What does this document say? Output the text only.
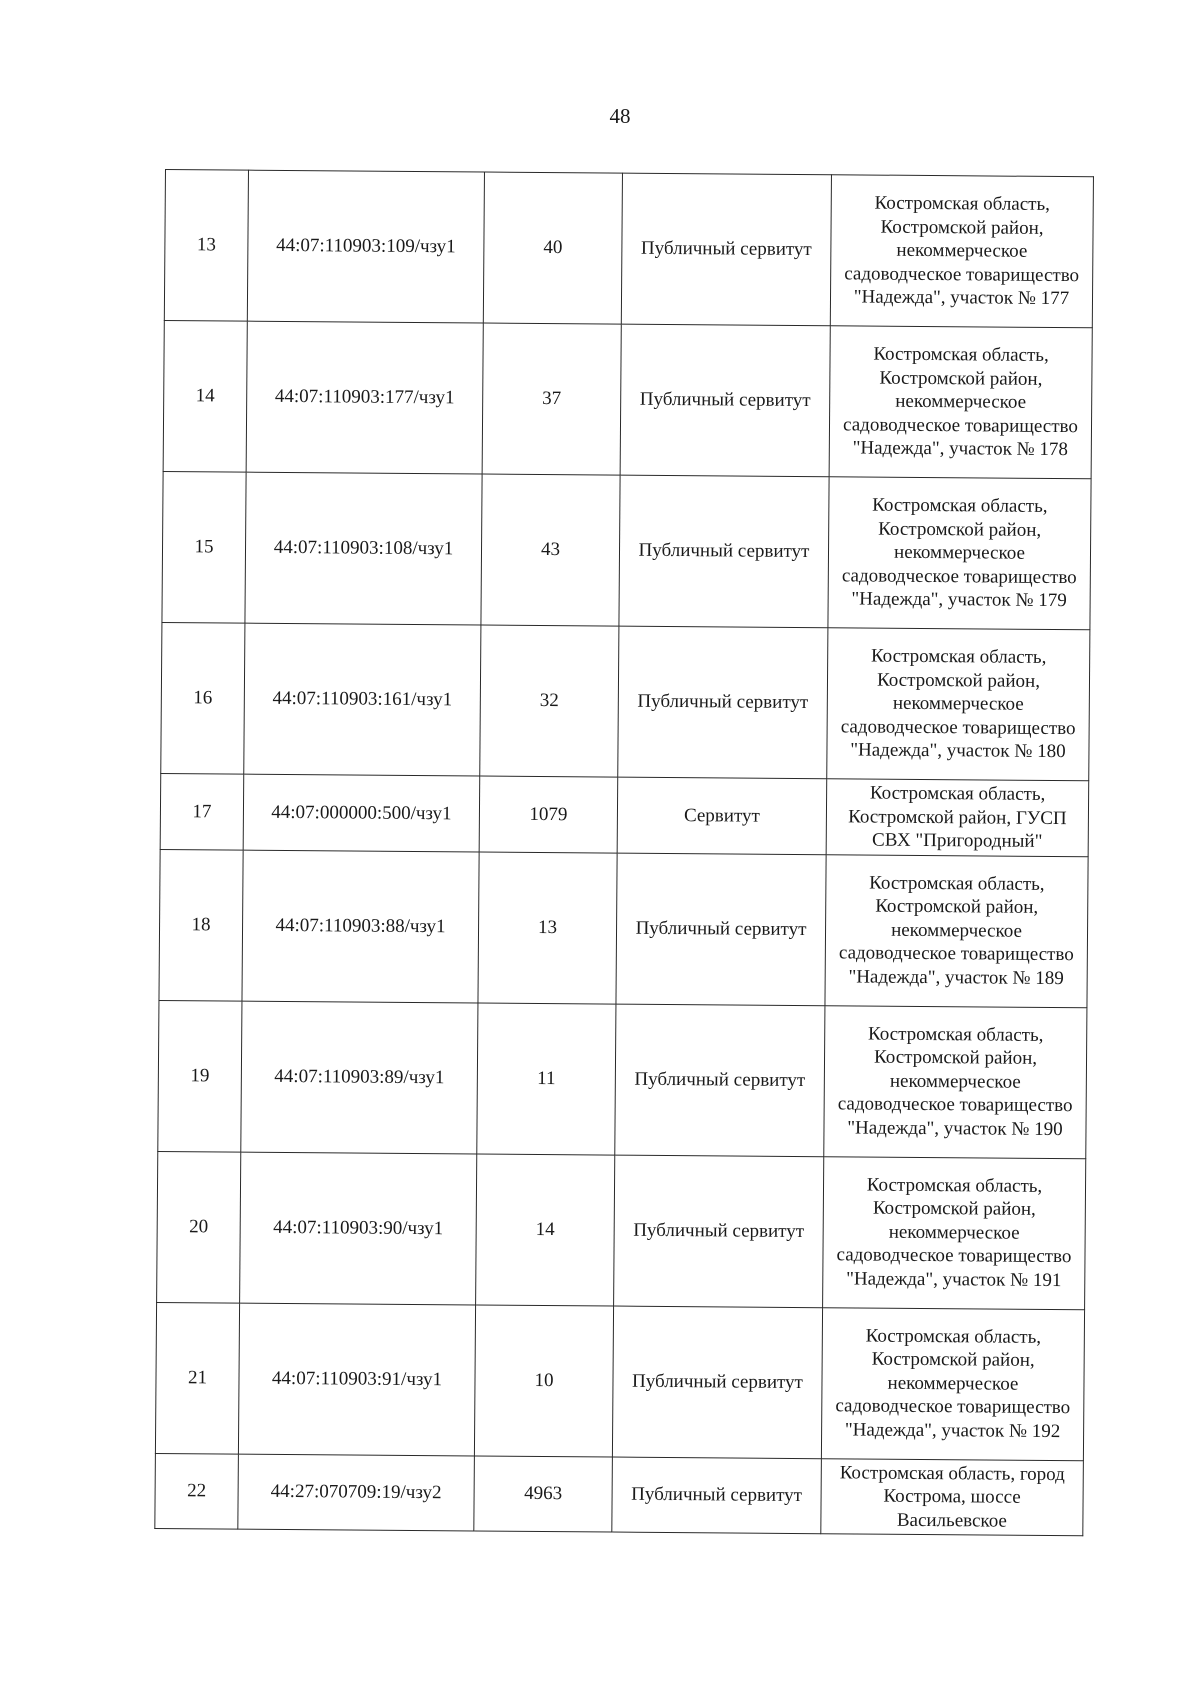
48
13	44:07:110903:109/чзу1	40	Публичный сервитут	Костромская область,
Костромской район,
некоммерческое
садоводческое товарищество
"Надежда", участок № 177

14	44:07:110903:177/чзу1	37	Публичный сервитут	Костромская область,
Костромской район,
некоммерческое
садоводческое товарищество
"Надежда", участок № 178

15	44:07:110903:108/чзу1	43	Публичный сервитут	Костромская область,
Костромской район,
некоммерческое
садоводческое товарищество
"Надежда", участок № 179

16	44:07:110903:161/чзу1	32	Публичный сервитут	Костромская область,
Костромской район,
некоммерческое
садоводческое товарищество
"Надежда", участок № 180

17	44:07:000000:500/чзу1	1079	Сервитут	Костромская область,
Костромской район, ГУСП
СВХ "Пригородный"

18	44:07:110903:88/чзу1	13	Публичный сервитут	Костромская область,
Костромской район,
некоммерческое
садоводческое товарищество
"Надежда", участок № 189

19	44:07:110903:89/чзу1	11	Публичный сервитут	Костромская область,
Костромской район,
некоммерческое
садоводческое товарищество
"Надежда", участок № 190

20	44:07:110903:90/чзу1	14	Публичный сервитут	Костромская область,
Костромской район,
некоммерческое
садоводческое товарищество
"Надежда", участок № 191

21	44:07:110903:91/чзу1	10	Публичный сервитут	Костромская область,
Костромской район,
некоммерческое
садоводческое товарищество
"Надежда", участок № 192

22	44:27:070709:19/чзу2	4963	Публичный сервитут	Костромская область, город
Кострома, шоссе
Васильевское
